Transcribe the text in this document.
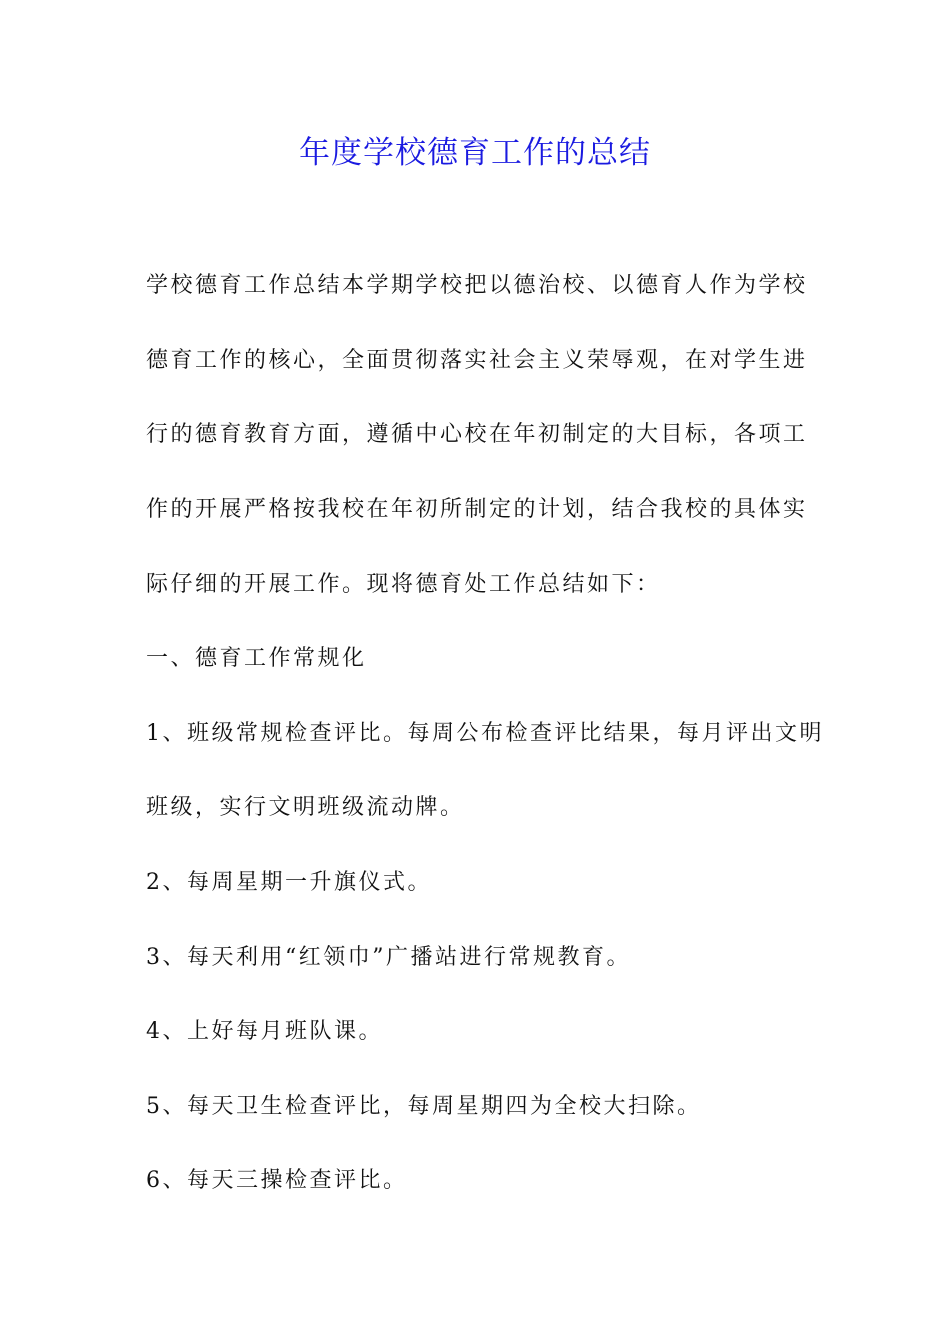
年度学校德育工作的总结
学校德育工作总结本学期学校把以德治校、以德育人作为学校
德育工作的核心，全面贯彻落实社会主义荣辱观，在对学生进
行的德育教育方面，遵循中心校在年初制定的大目标，各项工
作的开展严格按我校在年初所制定的计划，结合我校的具体实
际仔细的开展工作。现将德育处工作总结如下：
一、德育工作常规化
1、班级常规检查评比。每周公布检查评比结果，每月评出文明
班级，实行文明班级流动牌。
2、每周星期一升旗仪式。
3、每天利用“红领巾”广播站进行常规教育。
4、上好每月班队课。
5、每天卫生检查评比，每周星期四为全校大扫除。
6、每天三操检查评比。
